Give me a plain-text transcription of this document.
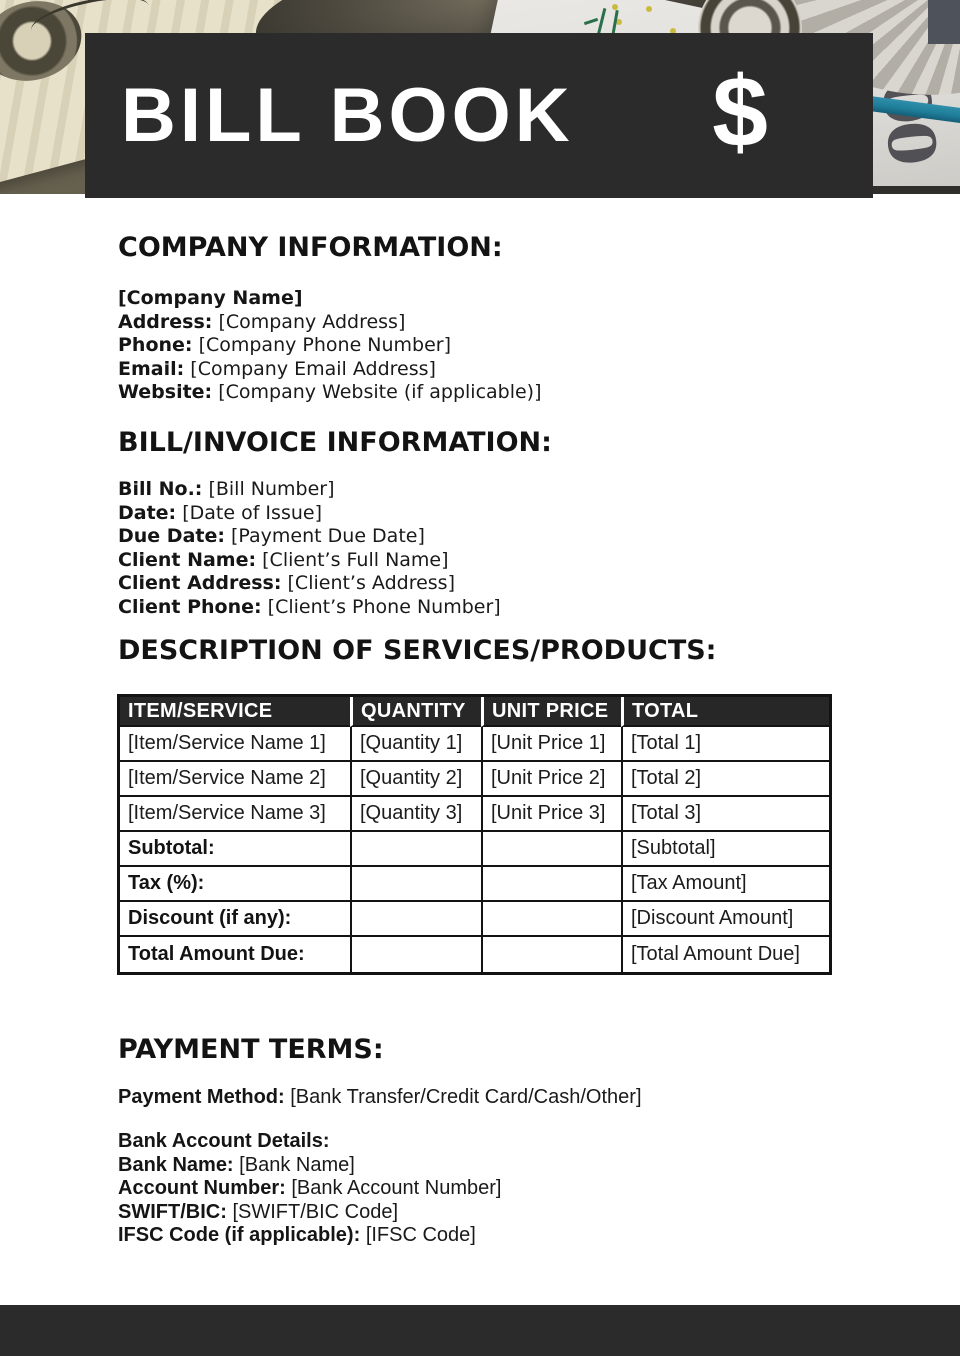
BILL BOOK $
COMPANY INFORMATION:
[Company Name]
Address: [Company Address]
Phone: [Company Phone Number]
Email: [Company Email Address]
Website: [Company Website (if applicable)]
BILL/INVOICE INFORMATION:
Bill No.: [Bill Number]
Date: [Date of Issue]
Due Date: [Payment Due Date]
Client Name: [Client’s Full Name]
Client Address: [Client’s Address]
Client Phone: [Client’s Phone Number]
DESCRIPTION OF SERVICES/PRODUCTS:
ITEM/SERVICE	QUANTITY	UNIT PRICE	TOTAL
[Item/Service Name 1]	[Quantity 1]	[Unit Price 1]	[Total 1]
[Item/Service Name 2]	[Quantity 2]	[Unit Price 2]	[Total 2]
[Item/Service Name 3]	[Quantity 3]	[Unit Price 3]	[Total 3]
Subtotal:			[Subtotal]
Tax (%):			[Tax Amount]
Discount (if any):			[Discount Amount]
Total Amount Due:			[Total Amount Due]
PAYMENT TERMS:
Payment Method: [Bank Transfer/Credit Card/Cash/Other]
Bank Account Details:
Bank Name: [Bank Name]
Account Number: [Bank Account Number]
SWIFT/BIC: [SWIFT/BIC Code]
IFSC Code (if applicable): [IFSC Code]
